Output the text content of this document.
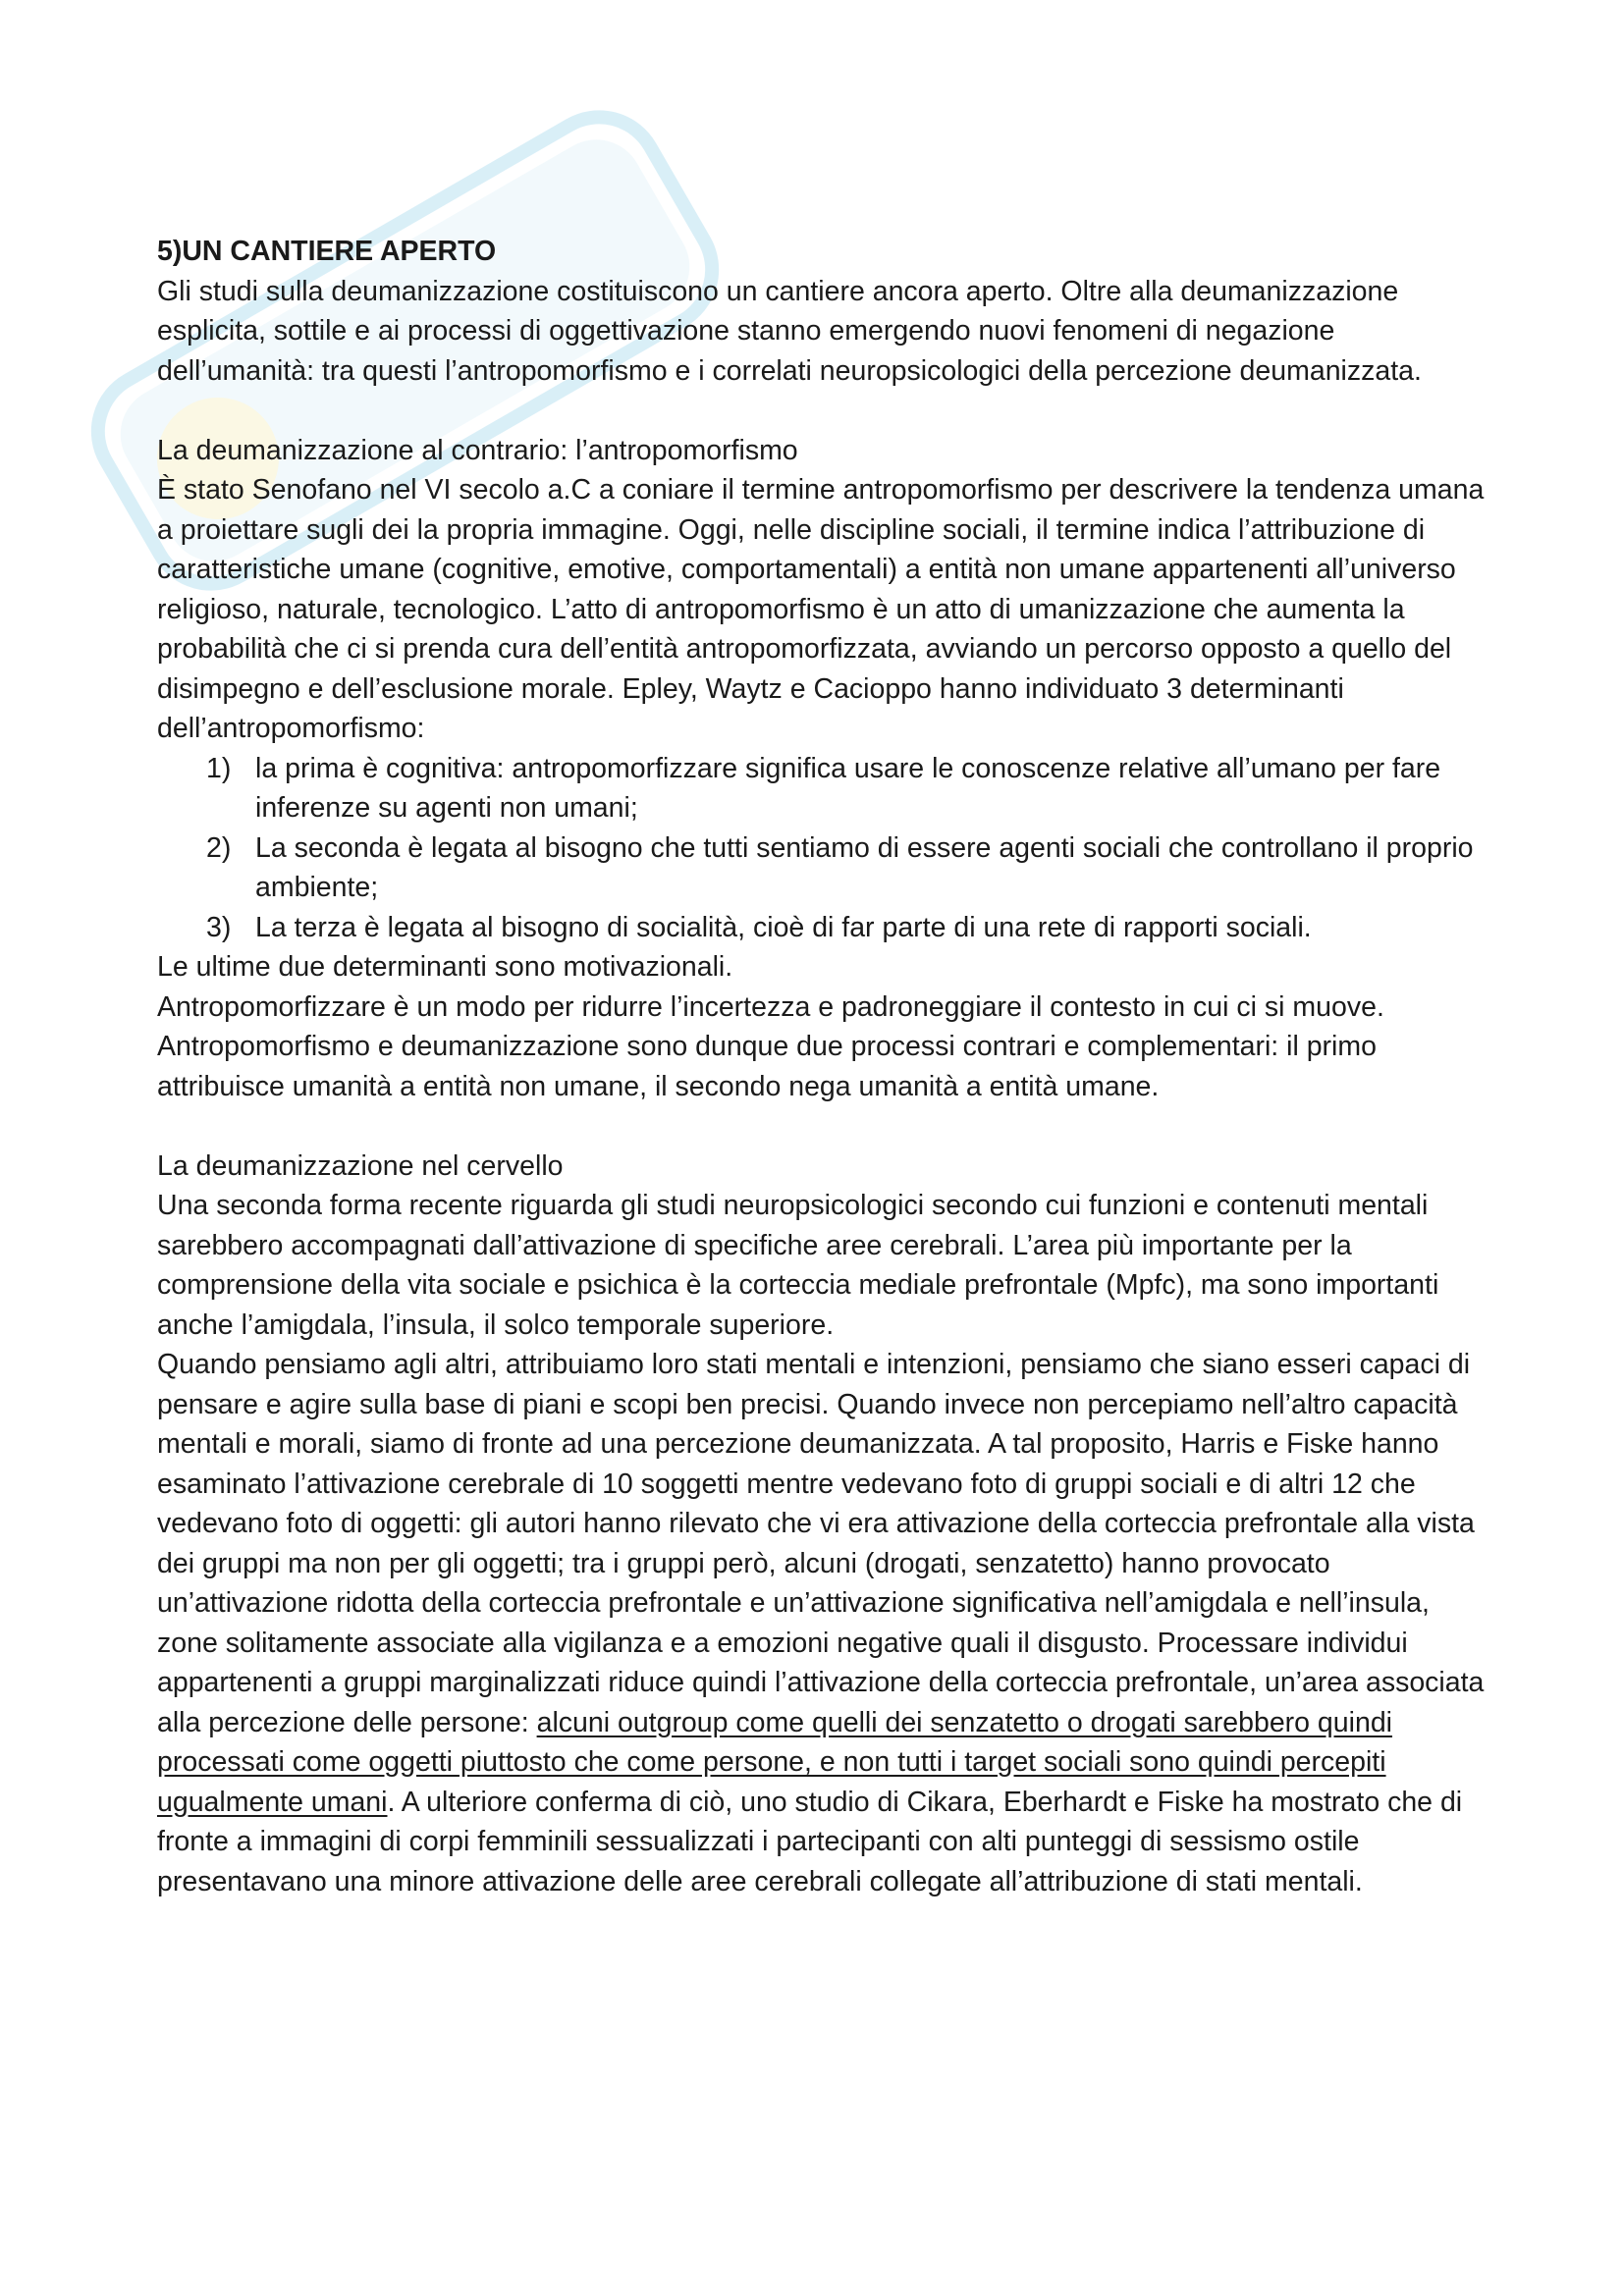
5)UN CANTIERE APERTO

Gli studi sulla deumanizzazione costituiscono un cantiere ancora aperto. Oltre alla deumanizzazione esplicita, sottile e ai processi di oggettivazione stanno emergendo nuovi fenomeni di negazione dell’umanità: tra questi l’antropomorfismo e i correlati neuropsicologici della percezione deumanizzata.

La deumanizzazione al contrario: l’antropomorfismo

È stato Senofano nel VI secolo a.C a coniare il termine antropomorfismo per descrivere la tendenza umana a proiettare sugli dei la propria immagine. Oggi, nelle discipline sociali, il termine indica l’attribuzione di caratteristiche umane (cognitive, emotive, comportamentali) a entità non umane appartenenti all’universo religioso, naturale, tecnologico. L’atto di antropomorfismo è un atto di umanizzazione che aumenta la probabilità che ci si prenda cura dell’entità antropomorfizzata, avviando un percorso opposto a quello del disimpegno e dell’esclusione morale. Epley, Waytz e Cacioppo hanno individuato 3 determinanti dell’antropomorfismo:

1) la prima è cognitiva: antropomorfizzare significa usare le conoscenze relative all’umano per fare inferenze su agenti non umani;
2) La seconda è legata al bisogno che tutti sentiamo di essere agenti sociali che controllano il proprio ambiente;
3) La terza è legata al bisogno di socialità, cioè di far parte di una rete di rapporti sociali.

Le ultime due determinanti sono motivazionali.

Antropomorfizzare è un modo per ridurre l’incertezza e padroneggiare il contesto in cui ci si muove.

Antropomorfismo e deumanizzazione sono dunque due processi contrari e complementari: il primo attribuisce umanità a entità non umane, il secondo nega umanità a entità umane.

La deumanizzazione nel cervello

Una seconda forma recente riguarda gli studi neuropsicologici secondo cui funzioni e contenuti mentali sarebbero accompagnati dall’attivazione di specifiche aree cerebrali. L’area più importante per la comprensione della vita sociale e psichica è la corteccia mediale prefrontale (Mpfc), ma sono importanti anche l’amigdala, l’insula, il solco temporale superiore.

Quando pensiamo agli altri, attribuiamo loro stati mentali e intenzioni, pensiamo che siano esseri capaci di pensare e agire sulla base di piani e scopi ben precisi. Quando invece non percepiamo nell’altro capacità mentali e morali, siamo di fronte ad una percezione deumanizzata. A tal proposito, Harris e Fiske hanno esaminato l’attivazione cerebrale di 10 soggetti mentre vedevano foto di gruppi sociali e di altri 12 che vedevano foto di oggetti: gli autori hanno rilevato che vi era attivazione della corteccia prefrontale alla vista dei gruppi ma non per gli oggetti; tra i gruppi però, alcuni (drogati, senzatetto) hanno provocato un’attivazione ridotta della corteccia prefrontale e un’attivazione significativa nell’amigdala e nell’insula, zone solitamente associate alla vigilanza e a emozioni negative quali il disgusto. Processare individui appartenenti a gruppi marginalizzati riduce quindi l’attivazione della corteccia prefrontale, un’area associata alla percezione delle persone: alcuni outgroup come quelli dei senzatetto o drogati sarebbero quindi processati come oggetti piuttosto che come persone, e non tutti i target sociali sono quindi percepiti ugualmente umani. A ulteriore conferma di ciò, uno studio di Cikara, Eberhardt e Fiske ha mostrato che di fronte a immagini di corpi femminili sessualizzati i partecipanti con alti punteggi di sessismo ostile presentavano una minore attivazione delle aree cerebrali collegate all’attribuzione di stati mentali.
